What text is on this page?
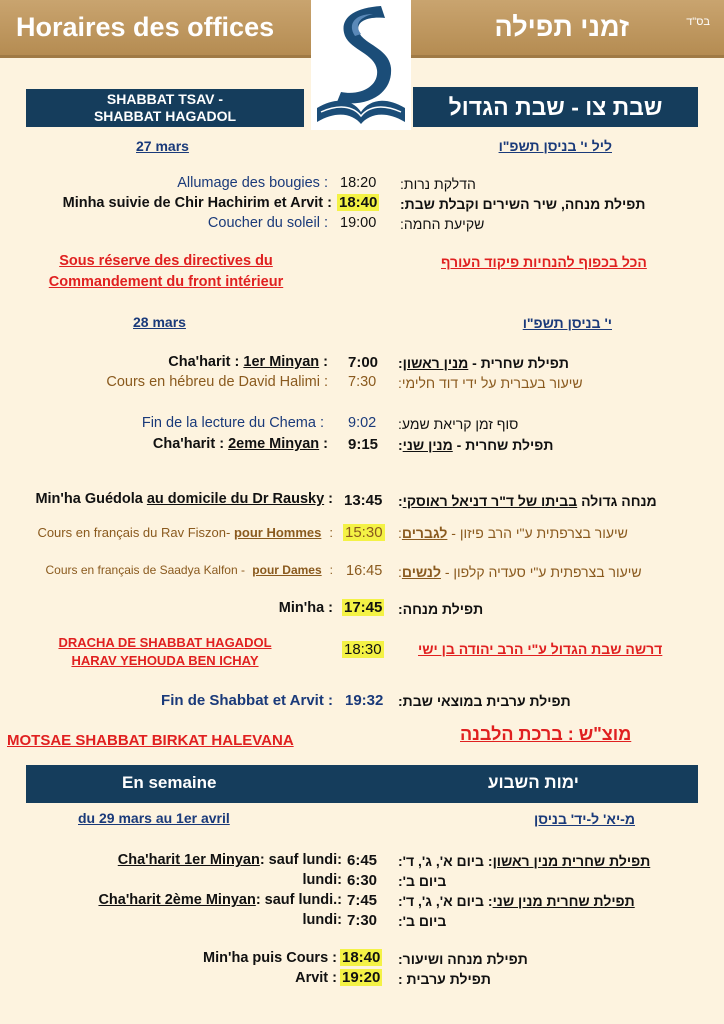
Horaires des offices	זמני תפילה	בס"ד
SHABBAT TSAV -
SHABBAT HAGADOL	שבת צו - שבת הגדול
27 mars	ליל י' בניסן תשפ"ו
Allumage des bougies : 18:20 הדלקת נרות:
Minha suivie de Chir Hachirim et Arvit : 18:40 תפילת מנחה, שיר השירים וקבלת שבת:
Coucher du soleil : 19:00 שקיעת החמה:
Sous réserve des directives du
Commandement du front intérieur
הכל בכפוף להנחיות פיקוד העורף
28 mars	י' בניסן תשפ"ו
Cha'harit : 1er Minyan : 7:00	תפילת שחרית - מנין ראשון:
Cours en hébreu de David Halimi : 7:30 שיעור בעברית על ידי דוד חלימי:
Fin de la lecture du Chema : 9:02 סוף זמן קריאת שמע:
Cha'harit : 2eme Minyan : 9:15	תפילת שחרית - מנין שני:
Min'ha Guédola au domicile du Dr Rausky : 13:45	מנחה גדולה בביתו של ד"ר דניאל ראוסקי:
Cours en français du Rav Fiszon- pour Hommes : 15:30	שיעור בצרפתית ע"י הרב פיזון - לגברים:
Cours en français de Saadya Kalfon - pour Dames : 16:45	שיעור בצרפתית ע"י סעדיה קלפון - לנשים:
Min'ha : 17:45 תפילת מנחה:
DRACHA DE SHABBAT HAGADOL
HARAV YEHOUDA BEN ICHAY
18:30	דרשה שבת הגדול ע"י הרב יהודה בן ישי
Fin de Shabbat et Arvit : 19:32 תפילת ערבית במוצאי שבת:
MOTSAE SHABBAT BIRKAT HALEVANA	מוצ"ש : ברכת הלבנה
En semaine	ימות השבוע
du 29 mars au 1er avril	מ-יא' ל-יד' בניסן
Cha'harit 1er Minyan: sauf lundi: 6:45	תפילת שחרית מנין ראשון: ביום א', ג', ד':
lundi: 6:30 ביום ב':
Cha'harit 2ème Minyan: sauf lundi.: 7:45	תפילת שחרית מנין שני: ביום א', ג', ד':
lundi: 7:30 ביום ב':
Min'ha puis Cours : 18:40 תפילת מנחה ושיעור:
Arvit : 19:20 תפילת ערבית :
